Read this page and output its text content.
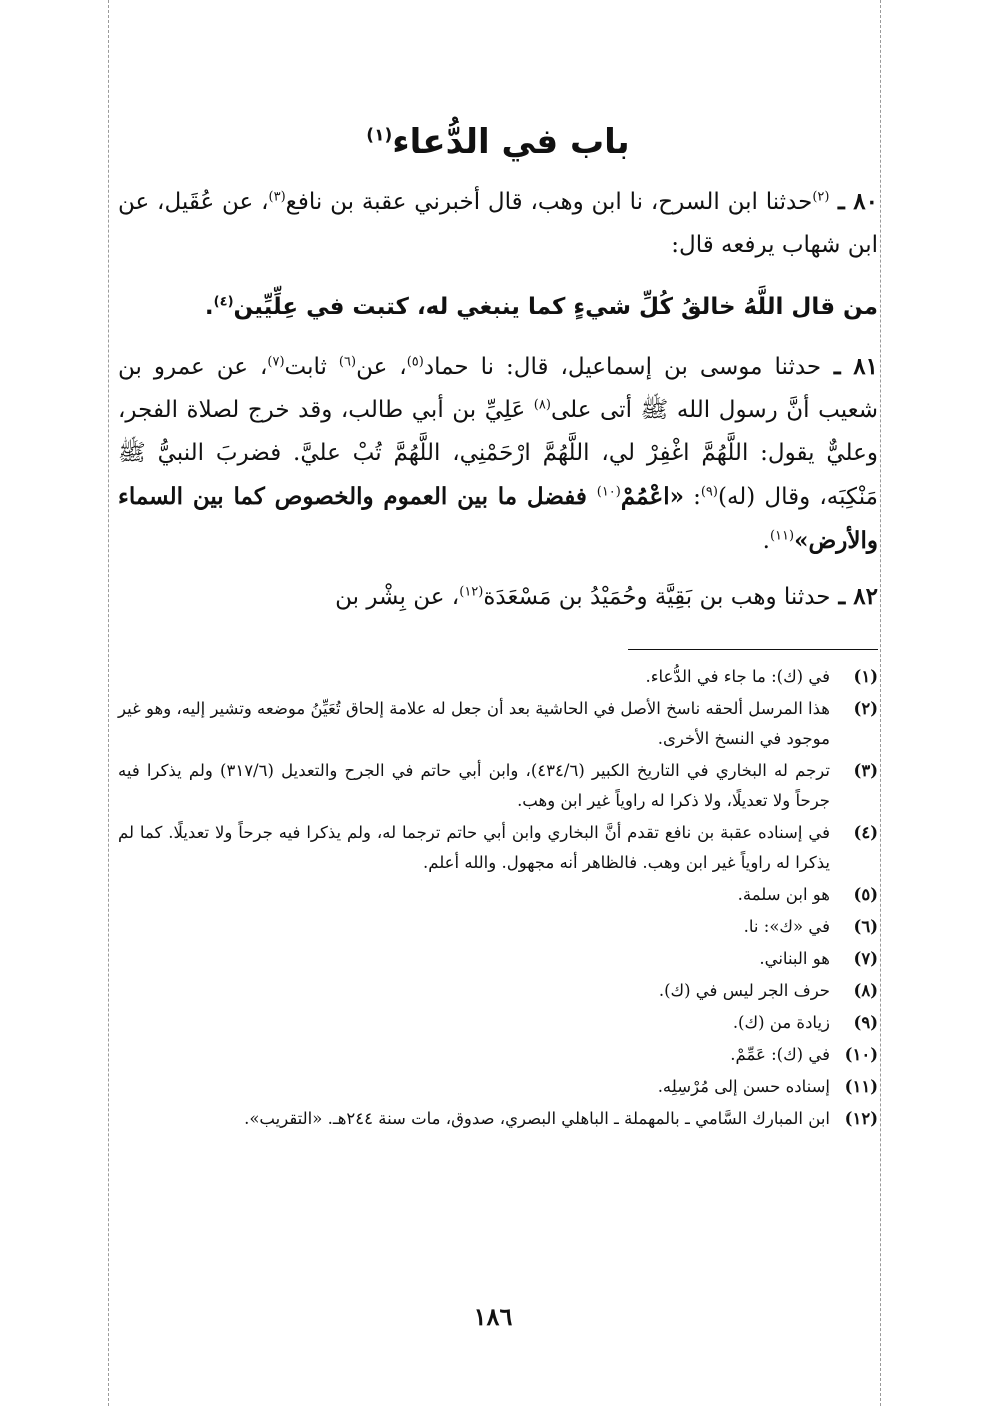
باب في الدُّعاء$^{(١)}$

٨٠ ـ $^{(٢)}$حدثنا ابن السرح، نا ابن وهب، قال أخبرني عقبة بن نافع$^{(٣)}$، عن عُقَيل، عن ابن شهاب يرفعه قال:

من قال اللَّهُ خالقُ كُلِّ شيءٍ كما ينبغي له، كتبت في عِلِّيِّين$^{(٤)}$.

٨١ ـ حدثنا موسى بن إسماعيل، قال: نا حماد$^{(٥)}$، عن$^{(٦)}$ ثابت$^{(٧)}$، عن عمرو بن شعيب أنَّ رسول الله ﷺ أتى على$^{(٨)}$ عَلِيِّ بن أبي طالب، وقد خرج لصلاة الفجر، وعليٌّ يقول: اللَّهُمَّ اغْفِرْ لي، اللَّهُمَّ ارْحَمْنِي، اللَّهُمَّ تُبْ عليَّ. فضربَ النبيُّ ﷺ مَنْكِبَه، وقال (له)$^{(٩)}$: «اعْمُمْ$^{(١٠)}$ ففضل ما بين العموم والخصوص كما بين السماء والأرض»$^{(١١)}$.

٨٢ ـ حدثنا وهب بن بَقِيَّة وحُمَيْدُ بن مَسْعَدَة$^{(١٢)}$، عن بِشْر بن

(١)
في (ك): ما جاء في الدُّعاء.
(٢)
هذا المرسل ألحقه ناسخ الأصل في الحاشية بعد أن جعل له علامة إلحاق تُعَيِّنُ موضعه وتشير إليه، وهو غير موجود في النسخ الأخرى.
(٣)
ترجم له البخاري في التاريخ الكبير (٤٣٤/٦)، وابن أبي حاتم في الجرح والتعديل (٣١٧/٦) ولم يذكرا فيه جرحاً ولا تعديلًا، ولا ذكرا له راوياً غير ابن وهب.
(٤)
في إسناده عقبة بن نافع تقدم أنَّ البخاري وابن أبي حاتم ترجما له، ولم يذكرا فيه جرحاً ولا تعديلًا. كما لم يذكرا له راوياً غير ابن وهب. فالظاهر أنه مجهول. والله أعلم.
(٥)
هو ابن سلمة.
(٦)
في «ك»: نا.
(٧)
هو البناني.
(٨)
حرف الجر ليس في (ك).
(٩)
زيادة من (ك).
(١٠)
في (ك): عَمِّمْ.
(١١)
إسناده حسن إلى مُرْسِلِه.
(١٢)
ابن المبارك السَّامي ـ بالمهملة ـ الباهلي البصري، صدوق، مات سنة ٢٤٤هـ. «التقريب».
١٨٦
